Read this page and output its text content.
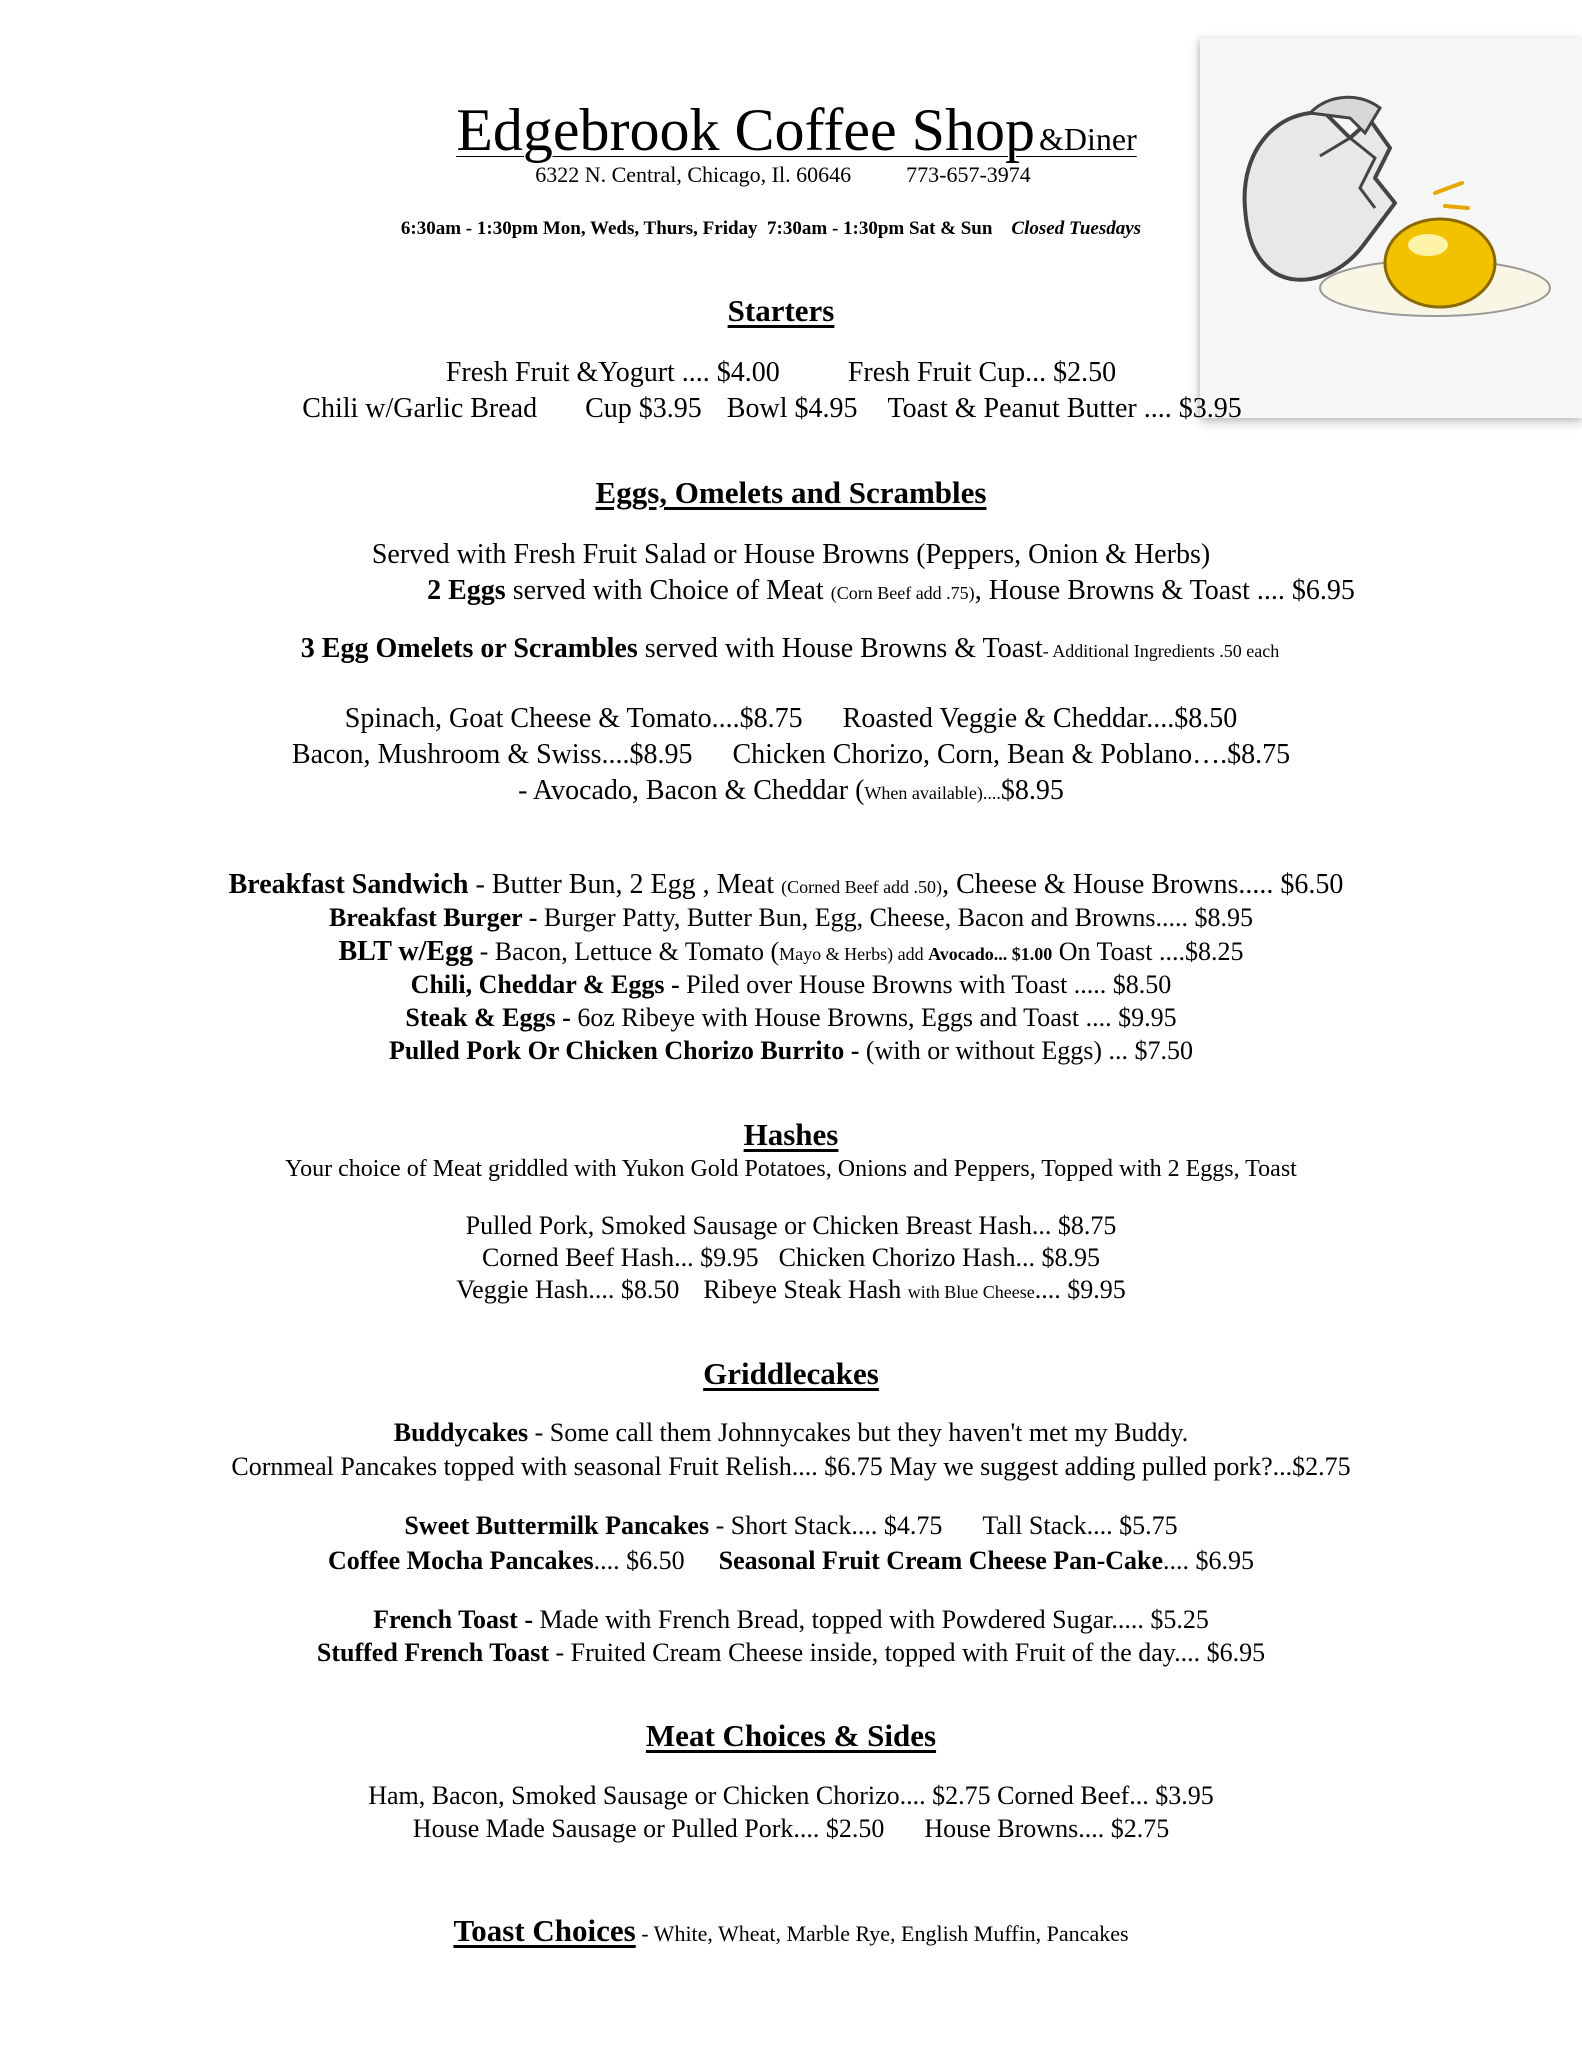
Edgebrook Coffee Shop &Diner
6322 N. Central, Chicago, Il. 60646	773-657-3974
6:30am - 1:30pm Mon, Weds, Thurs, Friday 7:30am - 1:30pm Sat & Sun Closed Tuesdays
Starters
Fresh Fruit &Yogurt .... $4.00 Fresh Fruit Cup... $2.50
Chili w/Garlic Bread Cup $3.95 Bowl $4.95 Toast & Peanut Butter .... $3.95
Eggs, Omelets and Scrambles
Served with Fresh Fruit Salad or House Browns (Peppers, Onion & Herbs)
2 Eggs served with Choice of Meat (Corn Beef add .75), House Browns & Toast .... $6.95
3 Egg Omelets or Scrambles served with House Browns & Toast- Additional Ingredients .50 each
Spinach, Goat Cheese & Tomato....$8.75 Roasted Veggie & Cheddar....$8.50
Bacon, Mushroom & Swiss....$8.95 Chicken Chorizo, Corn, Bean & Poblano….$8.75
- Avocado, Bacon & Cheddar (When available)....$8.95
Breakfast Sandwich - Butter Bun, 2 Egg , Meat (Corned Beef add .50), Cheese & House Browns..... $6.50
Breakfast Burger - Burger Patty, Butter Bun, Egg, Cheese, Bacon and Browns..... $8.95
BLT w/Egg - Bacon, Lettuce & Tomato (Mayo & Herbs) add Avocado... $1.00 On Toast ....$8.25
Chili, Cheddar & Eggs - Piled over House Browns with Toast ..... $8.50
Steak & Eggs - 6oz Ribeye with House Browns, Eggs and Toast .... $9.95
Pulled Pork Or Chicken Chorizo Burrito - (with or without Eggs) ... $7.50
Hashes
Your choice of Meat griddled with Yukon Gold Potatoes, Onions and Peppers, Topped with 2 Eggs, Toast
Pulled Pork, Smoked Sausage or Chicken Breast Hash... $8.75
Corned Beef Hash... $9.95 Chicken Chorizo Hash... $8.95
Veggie Hash.... $8.50 Ribeye Steak Hash with Blue Cheese.... $9.95
Griddlecakes
Buddycakes - Some call them Johnnycakes but they haven't met my Buddy.
Cornmeal Pancakes topped with seasonal Fruit Relish.... $6.75 May we suggest adding pulled pork?...$2.75
Sweet Buttermilk Pancakes - Short Stack.... $4.75 Tall Stack.... $5.75
Coffee Mocha Pancakes.... $6.50 Seasonal Fruit Cream Cheese Pan-Cake.... $6.95
French Toast - Made with French Bread, topped with Powdered Sugar..... $5.25
Stuffed French Toast - Fruited Cream Cheese inside, topped with Fruit of the day.... $6.95
Meat Choices & Sides
Ham, Bacon, Smoked Sausage or Chicken Chorizo.... $2.75 Corned Beef... $3.95
House Made Sausage or Pulled Pork.... $2.50 House Browns.... $2.75
Toast Choices - White, Wheat, Marble Rye, English Muffin, Pancakes
